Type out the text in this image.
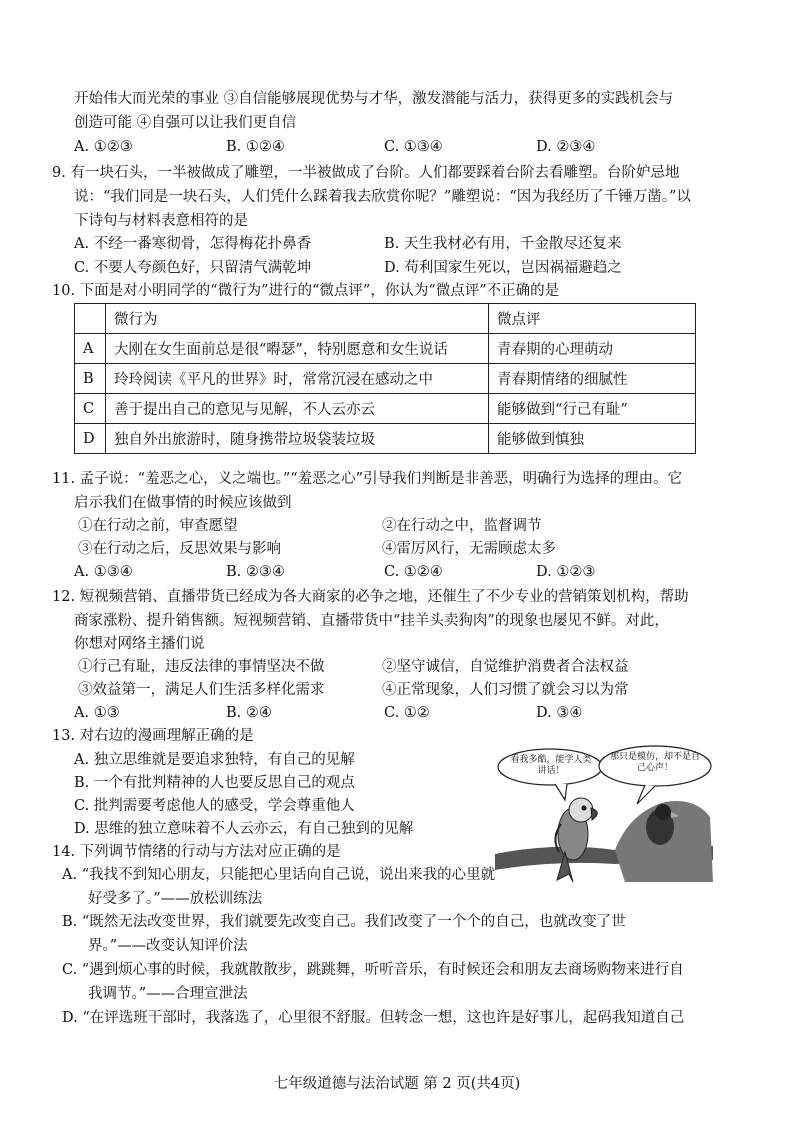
开始伟大而光荣的事业 ③自信能够展现优势与才华，激发潜能与活力，获得更多的实践机会与
创造可能 ④自强可以让我们更自信
A. ①②③	B. ①②④	C. ①③④	D. ②③④
9. 有一块石头，一半被做成了雕塑，一半被做成了台阶。人们都要踩着台阶去看雕塑。台阶妒忌地
说：“我们同是一块石头，人们凭什么踩着我去欣赏你呢？”雕塑说：“因为我经历了千锤万凿。”以
下诗句与材料表意相符的是
A. 不经一番寒彻骨，怎得梅花扑鼻香	B. 天生我材必有用，千金散尽还复来
C. 不要人夸颜色好，只留清气满乾坤	D. 苟利国家生死以，岂因祸福避趋之
10. 下面是对小明同学的“微行为”进行的“微点评”，你认为“微点评”不正确的是
	微行为	微点评
A	大刚在女生面前总是很“嘚瑟”，特别愿意和女生说话	青春期的心理萌动
B	玲玲阅读《平凡的世界》时，常常沉浸在感动之中	青春期情绪的细腻性
C	善于提出自己的意见与见解，不人云亦云	能够做到“行己有耻”
D	独自外出旅游时，随身携带垃圾袋装垃圾	能够做到慎独
11. 孟子说：“羞恶之心，义之端也。”“羞恶之心”引导我们判断是非善恶，明确行为选择的理由。它
启示我们在做事情的时候应该做到
①在行动之前，审查愿望	②在行动之中，监督调节
③在行动之后，反思效果与影响	④雷厉风行，无需顾虑太多
A. ①③④	B. ②③④	C. ①②④	D. ①②③
12. 短视频营销、直播带货已经成为各大商家的必争之地，还催生了不少专业的营销策划机构，帮助
商家涨粉、提升销售额。短视频营销、直播带货中“挂羊头卖狗肉”的现象也屡见不鲜。对此，
你想对网络主播们说
①行己有耻，违反法律的事情坚决不做	②坚守诚信，自觉维护消费者合法权益
③效益第一，满足人们生活多样化需求	④正常现象，人们习惯了就会习以为常
A. ①③	B. ②④	C. ①②	D. ③④
13. 对右边的漫画理解正确的是
A. 独立思维就是要追求独特，有自己的见解
B. 一个有批判精神的人也要反思自己的观点
C. 批判需要考虑他人的感受，学会尊重他人
D. 思维的独立意味着不人云亦云，有自己独到的见解
看我多酷，能学人类讲话！
那只是模仿，却不是自己心声！
14. 下列调节情绪的行动与方法对应正确的是
A. “我找不到知心朋友，只能把心里话向自己说，说出来我的心里就
好受多了。”——放松训练法
B. “既然无法改变世界，我们就要先改变自己。我们改变了一个个的自己，也就改变了世
界。”——改变认知评价法
C. “遇到烦心事的时候，我就散散步，跳跳舞，听听音乐，有时候还会和朋友去商场购物来进行自
我调节。”——合理宣泄法
D. “在评选班干部时，我落选了，心里很不舒服。但转念一想，这也许是好事儿，起码我知道自己
七年级道德与法治试题 第 2 页(共4页)
